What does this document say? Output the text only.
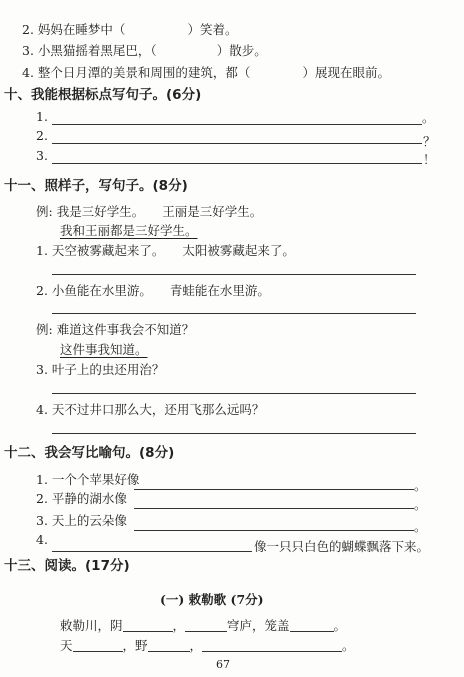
2. 妈妈在睡梦中（	）笑着。
3. 小黑猫摇着黑尾巴，（	）散步。
4. 整个日月潭的美景和周围的建筑，都（	）展现在眼前。
十、我能根据标点写句子。(6分)
1.	。
2.	？
3.	！
十一、照样子，写句子。(8分)
例: 我是三好学生。 王丽是三好学生。
我和王丽都是三好学生。
1. 天空被雾藏起来了。 太阳被雾藏起来了。
2. 小鱼能在水里游。 青蛙能在水里游。
例: 难道这件事我会不知道？
这件事我知道。
3. 叶子上的虫还用治？
4. 天不过井口那么大，还用飞那么远吗？
十二、我会写比喻句。(8分)
1. 一个个苹果好像	。
2. 平静的湖水像	。
3. 天上的云朵像	。
4.	像一只只白色的蝴蝶飘落下来。
十三、阅读。(17分)
(一) 敕勒歌 (7分)
敕勒川，阴	，	穹庐，笼盖	。
天	，野	，	。
67
